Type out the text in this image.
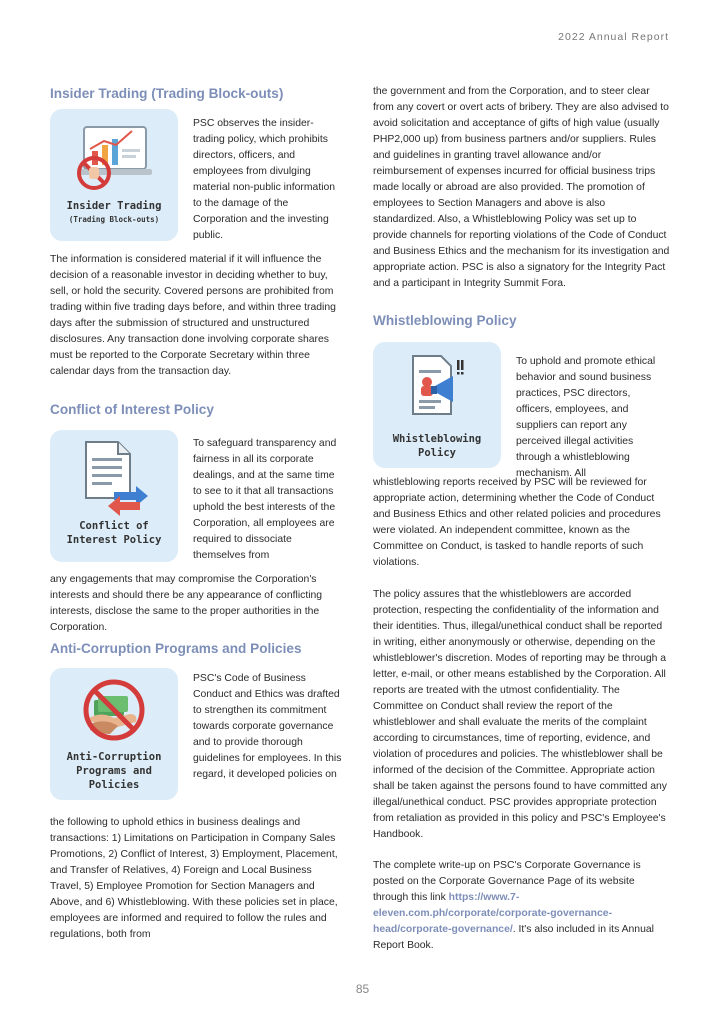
2022 Annual Report
Insider Trading (Trading Block-outs)
Insider Trading
(Trading Block-outs)
PSC observes the insider-trading policy, which prohibits directors, officers, and employees from divulging material non-public information to the damage of the Corporation and the investing public.
The information is considered material if it will influence the decision of a reasonable investor in deciding whether to buy, sell, or hold the security. Covered persons are prohibited from trading within five trading days before, and within three trading days after the submission of structured and unstructured disclosures. Any transaction done involving corporate shares must be reported to the Corporate Secretary within three calendar days from the transaction day.
Conflict of Interest Policy
Conflict of
Interest Policy
To safeguard transparency and fairness in all its corporate dealings, and at the same time to see to it that all transactions uphold the best interests of the Corporation, all employees are required to dissociate themselves from
any engagements that may compromise the Corporation's interests and should there be any appearance of conflicting interests, disclose the same to the proper authorities in the Corporation.
Anti-Corruption Programs and Policies
Anti-Corruption
Programs and
Policies
PSC's Code of Business Conduct and Ethics was drafted to strengthen its commitment towards corporate governance and to provide thorough guidelines for employees. In this regard, it developed policies on
the following to uphold ethics in business dealings and transactions: 1) Limitations on Participation in Company Sales Promotions, 2) Conflict of Interest, 3) Employment, Placement, and Transfer of Relatives, 4) Foreign and Local Business Travel, 5) Employee Promotion for Section Managers and Above, and 6) Whistleblowing. With these policies set in place, employees are informed and required to follow the rules and regulations, both from
the government and from the Corporation, and to steer clear from any covert or overt acts of bribery. They are also advised to avoid solicitation and acceptance of gifts of high value (usually PHP2,000 up) from business partners and/or suppliers. Rules and guidelines in granting travel allowance and/or reimbursement of expenses incurred for official business trips made locally or abroad are also provided. The promotion of employees to Section Managers and above is also standardized. Also, a Whistleblowing Policy was set up to provide channels for reporting violations of the Code of Conduct and Business Ethics and the mechanism for its investigation and appropriate action. PSC is also a signatory for the Integrity Pact and a participant in Integrity Summit Fora.
Whistleblowing Policy
Whistleblowing
Policy
To uphold and promote ethical behavior and sound business practices, PSC directors, officers, employees, and suppliers can report any perceived illegal activities through a whistleblowing mechanism. All
whistleblowing reports received by PSC will be reviewed for appropriate action, determining whether the Code of Conduct and Business Ethics and other related policies and procedures were violated. An independent committee, known as the Committee on Conduct, is tasked to handle reports of such violations.
The policy assures that the whistleblowers are accorded protection, respecting the confidentiality of the information and their identities. Thus, illegal/unethical conduct shall be reported in writing, either anonymously or otherwise, depending on the whistleblower's discretion. Modes of reporting may be through a letter, e-mail, or other means established by the Corporation. All reports are treated with the utmost confidentiality. The Committee on Conduct shall review the report of the whistleblower and shall evaluate the merits of the complaint according to circumstances, time of reporting, evidence, and violation of procedures and policies. The whistleblower shall be informed of the decision of the Committee. Appropriate action shall be taken against the persons found to have committed any illegal/unethical conduct. PSC provides appropriate protection from retaliation as provided in this policy and PSC's Employee's Handbook.
The complete write-up on PSC's Corporate Governance is posted on the Corporate Governance Page of its website through this link https://www.7-eleven.com.ph/corporate/corporate-governance-head/corporate-governance/. It's also included in its Annual Report Book.
85
